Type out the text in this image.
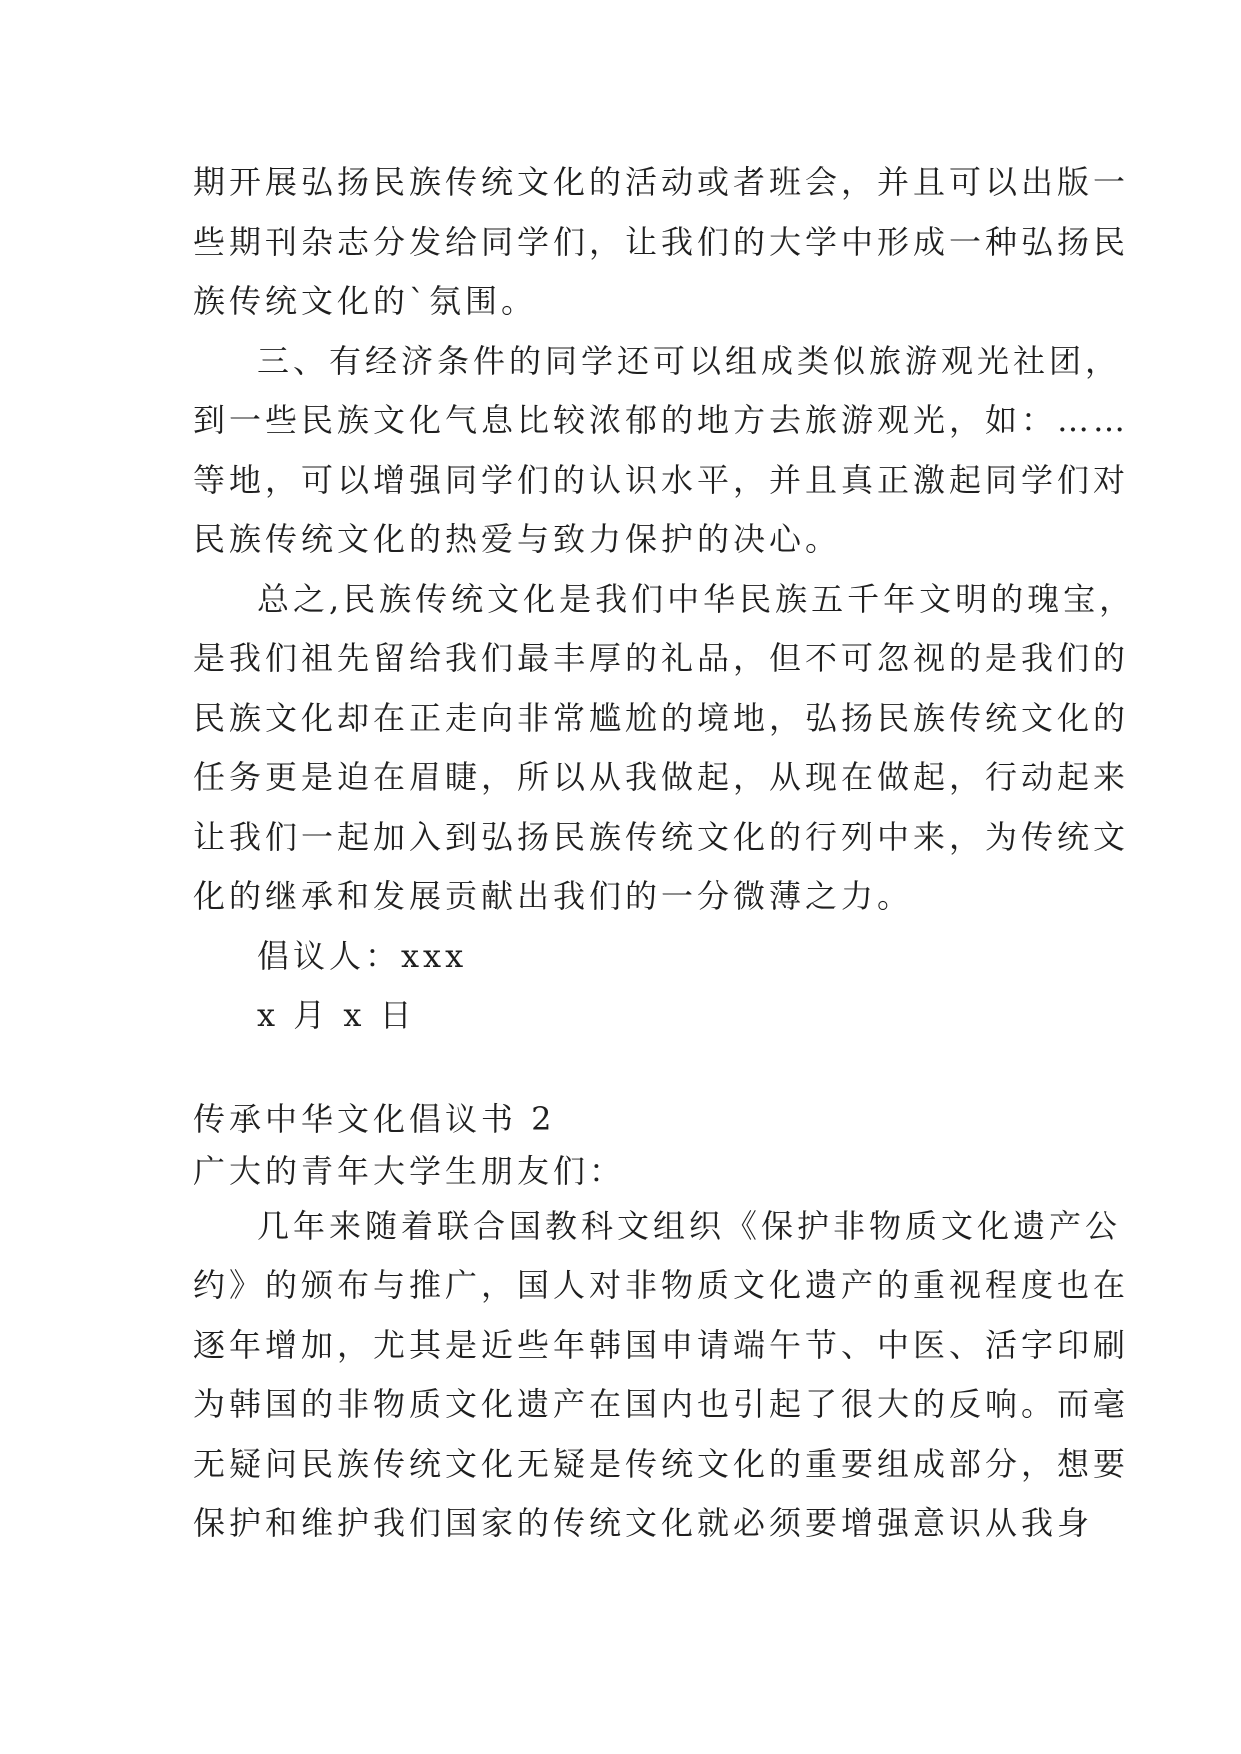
期开展弘扬民族传统文化的活动或者班会，并且可以出版一
些期刊杂志分发给同学们，让我们的大学中形成一种弘扬民
族传统文化的`氛围。
三、有经济条件的同学还可以组成类似旅游观光社团，
到一些民族文化气息比较浓郁的地方去旅游观光，如：……
等地，可以增强同学们的认识水平，并且真正激起同学们对
民族传统文化的热爱与致力保护的决心。
总之,民族传统文化是我们中华民族五千年文明的瑰宝，
是我们祖先留给我们最丰厚的礼品，但不可忽视的是我们的
民族文化却在正走向非常尴尬的境地，弘扬民族传统文化的
任务更是迫在眉睫，所以从我做起，从现在做起，行动起来
让我们一起加入到弘扬民族传统文化的行列中来，为传统文
化的继承和发展贡献出我们的一分微薄之力。
倡议人：xxx
x 月 x 日
传承中华文化倡议书 2
广大的青年大学生朋友们：
几年来随着联合国教科文组织《保护非物质文化遗产公
约》的颁布与推广，国人对非物质文化遗产的重视程度也在
逐年增加，尤其是近些年韩国申请端午节、中医、活字印刷
为韩国的非物质文化遗产在国内也引起了很大的反响。而毫
无疑问民族传统文化无疑是传统文化的重要组成部分，想要
保护和维护我们国家的传统文化就必须要增强意识从我身
